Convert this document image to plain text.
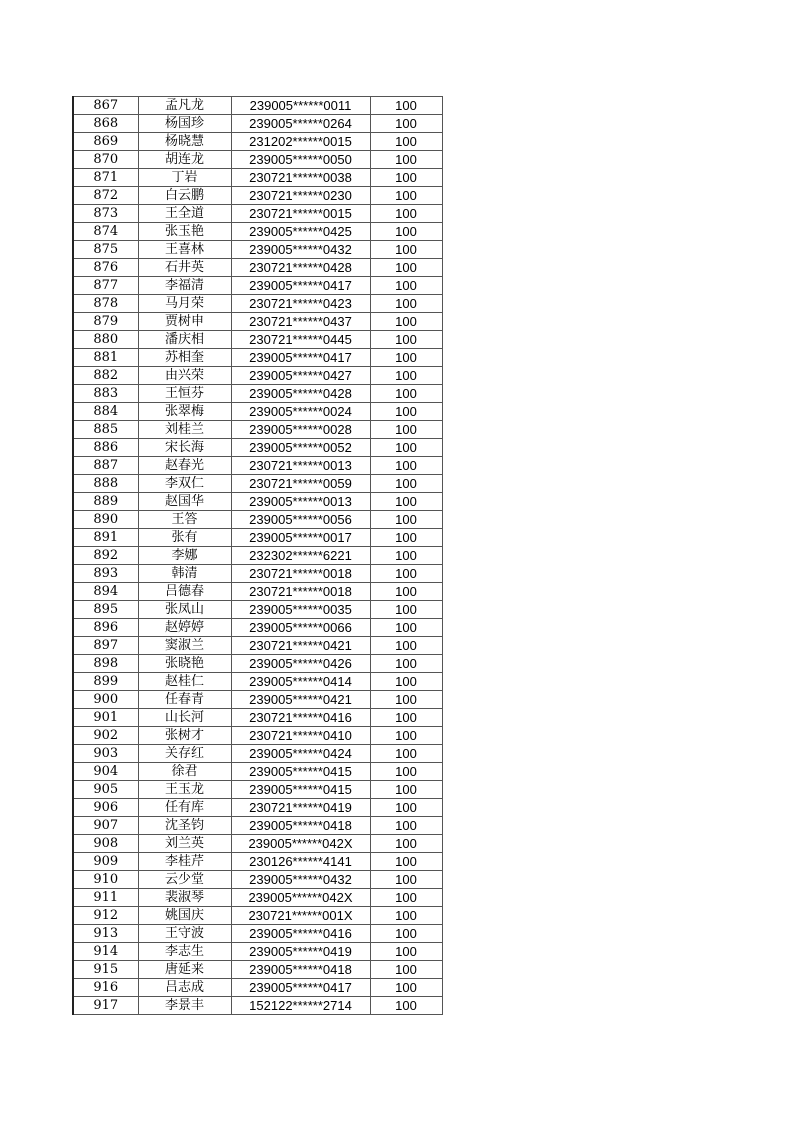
867	孟凡龙	239005******0011	100
868	杨国珍	239005******0264	100
869	杨晓慧	231202******0015	100
870	胡连龙	239005******0050	100
871	丁岩	230721******0038	100
872	白云鹏	230721******0230	100
873	王全道	230721******0015	100
874	张玉艳	239005******0425	100
875	王喜林	239005******0432	100
876	石井英	230721******0428	100
877	李福清	239005******0417	100
878	马月荣	230721******0423	100
879	贾树申	230721******0437	100
880	潘庆相	230721******0445	100
881	苏相奎	239005******0417	100
882	由兴荣	239005******0427	100
883	王恒芬	239005******0428	100
884	张翠梅	239005******0024	100
885	刘桂兰	239005******0028	100
886	宋长海	239005******0052	100
887	赵春光	230721******0013	100
888	李双仁	230721******0059	100
889	赵国华	239005******0013	100
890	王答	239005******0056	100
891	张有	239005******0017	100
892	李娜	232302******6221	100
893	韩清	230721******0018	100
894	吕德春	230721******0018	100
895	张凤山	239005******0035	100
896	赵婷婷	239005******0066	100
897	窦淑兰	230721******0421	100
898	张晓艳	239005******0426	100
899	赵桂仁	239005******0414	100
900	任春青	239005******0421	100
901	山长河	230721******0416	100
902	张树才	230721******0410	100
903	关存红	239005******0424	100
904	徐君	239005******0415	100
905	王玉龙	239005******0415	100
906	任有库	230721******0419	100
907	沈圣钧	239005******0418	100
908	刘兰英	239005******042X	100
909	李桂芹	230126******4141	100
910	云少堂	239005******0432	100
911	裴淑琴	239005******042X	100
912	姚国庆	230721******001X	100
913	王守波	239005******0416	100
914	李志生	239005******0419	100
915	唐延来	239005******0418	100
916	吕志成	239005******0417	100
917	李景丰	152122******2714	100
